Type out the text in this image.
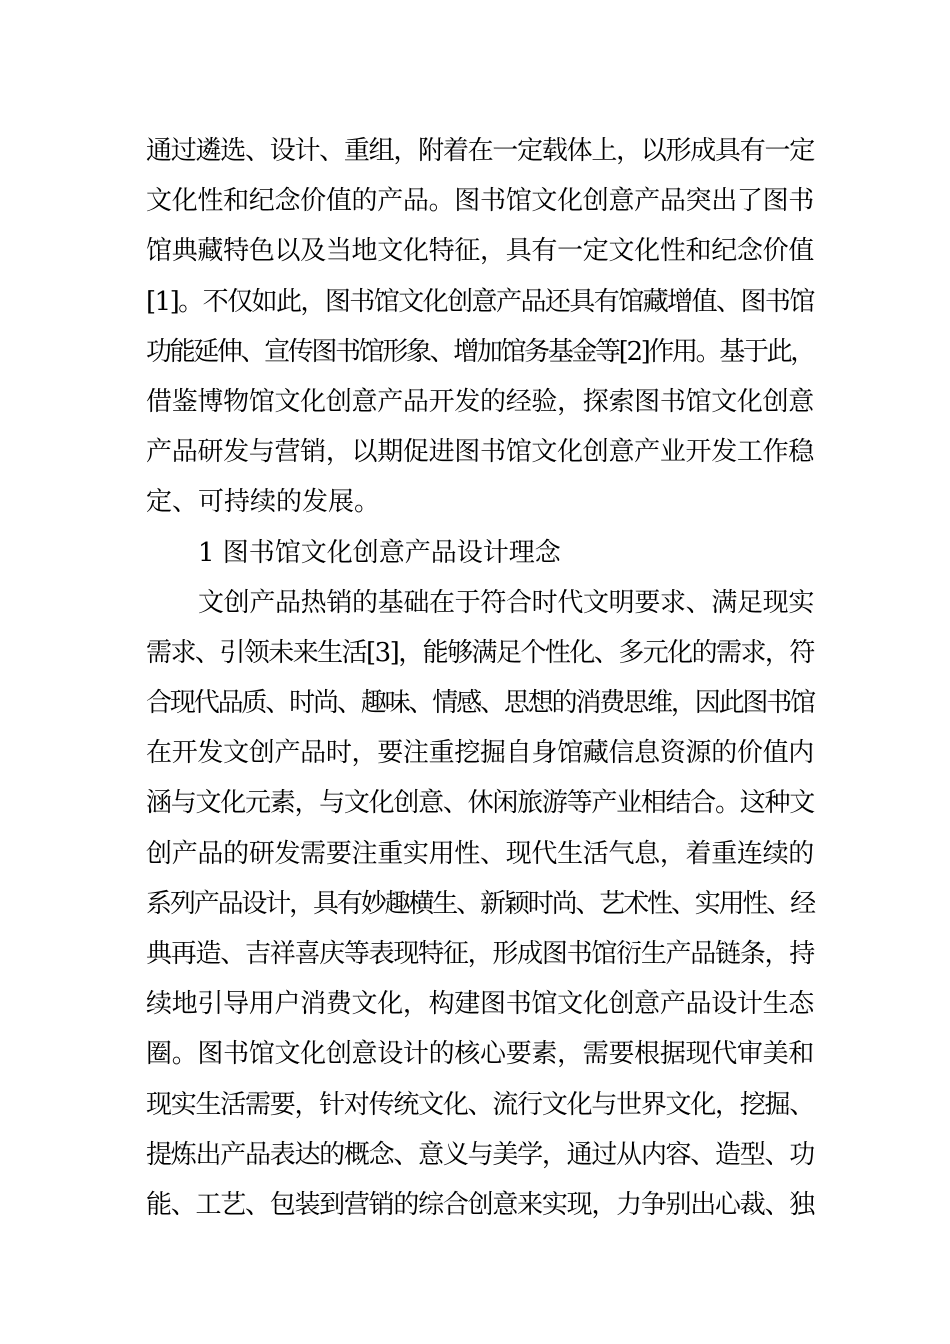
通过遴选、设计、重组，附着在一定载体上，以形成具有一定
文化性和纪念价值的产品。图书馆文化创意产品突出了图书
馆典藏特色以及当地文化特征，具有一定文化性和纪念价值
[1]。不仅如此，图书馆文化创意产品还具有馆藏增值、图书馆
功能延伸、宣传图书馆形象、增加馆务基金等[2]作用。基于此，
借鉴博物馆文化创意产品开发的经验，探索图书馆文化创意
产品研发与营销，以期促进图书馆文化创意产业开发工作稳
定、可持续的发展。
1 图书馆文化创意产品设计理念
文创产品热销的基础在于符合时代文明要求、满足现实
需求、引领未来生活[3]，能够满足个性化、多元化的需求，符
合现代品质、时尚、趣味、情感、思想的消费思维，因此图书馆
在开发文创产品时，要注重挖掘自身馆藏信息资源的价值内
涵与文化元素，与文化创意、休闲旅游等产业相结合。这种文
创产品的研发需要注重实用性、现代生活气息，着重连续的
系列产品设计，具有妙趣横生、新颖时尚、艺术性、实用性、经
典再造、吉祥喜庆等表现特征，形成图书馆衍生产品链条，持
续地引导用户消费文化，构建图书馆文化创意产品设计生态
圈。图书馆文化创意设计的核心要素，需要根据现代审美和
现实生活需要，针对传统文化、流行文化与世界文化，挖掘、
提炼出产品表达的概念、意义与美学，通过从内容、造型、功
能、工艺、包装到营销的综合创意来实现，力争别出心裁、独
